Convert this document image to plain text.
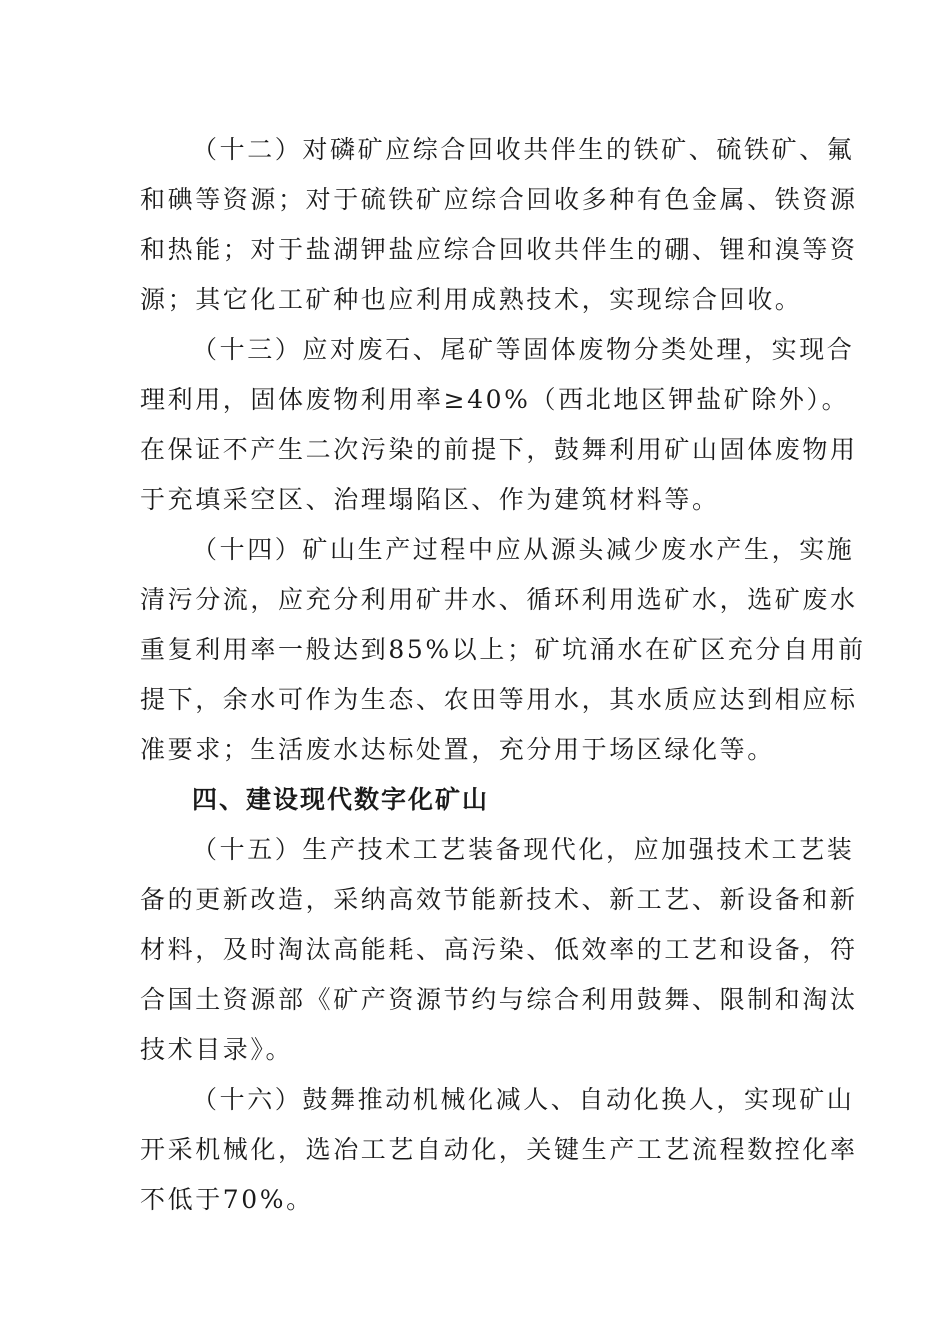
（十二）对磷矿应综合回收共伴生的铁矿、硫铁矿、氟
和碘等资源；对于硫铁矿应综合回收多种有色金属、铁资源
和热能；对于盐湖钾盐应综合回收共伴生的硼、锂和溴等资
源；其它化工矿种也应利用成熟技术，实现综合回收。
（十三）应对废石、尾矿等固体废物分类处理，实现合
理利用，固体废物利用率≥40%（西北地区钾盐矿除外）。
在保证不产生二次污染的前提下，鼓舞利用矿山固体废物用
于充填采空区、治理塌陷区、作为建筑材料等。
（十四）矿山生产过程中应从源头减少废水产生，实施
清污分流，应充分利用矿井水、循环利用选矿水，选矿废水
重复利用率一般达到85%以上；矿坑涌水在矿区充分自用前
提下，余水可作为生态、农田等用水，其水质应达到相应标
准要求；生活废水达标处置，充分用于场区绿化等。
四、建设现代数字化矿山
（十五）生产技术工艺装备现代化，应加强技术工艺装
备的更新改造，采纳高效节能新技术、新工艺、新设备和新
材料，及时淘汰高能耗、高污染、低效率的工艺和设备，符
合国土资源部《矿产资源节约与综合利用鼓舞、限制和淘汰
技术目录》。
（十六）鼓舞推动机械化减人、自动化换人，实现矿山
开采机械化，选冶工艺自动化，关键生产工艺流程数控化率
不低于70%。
